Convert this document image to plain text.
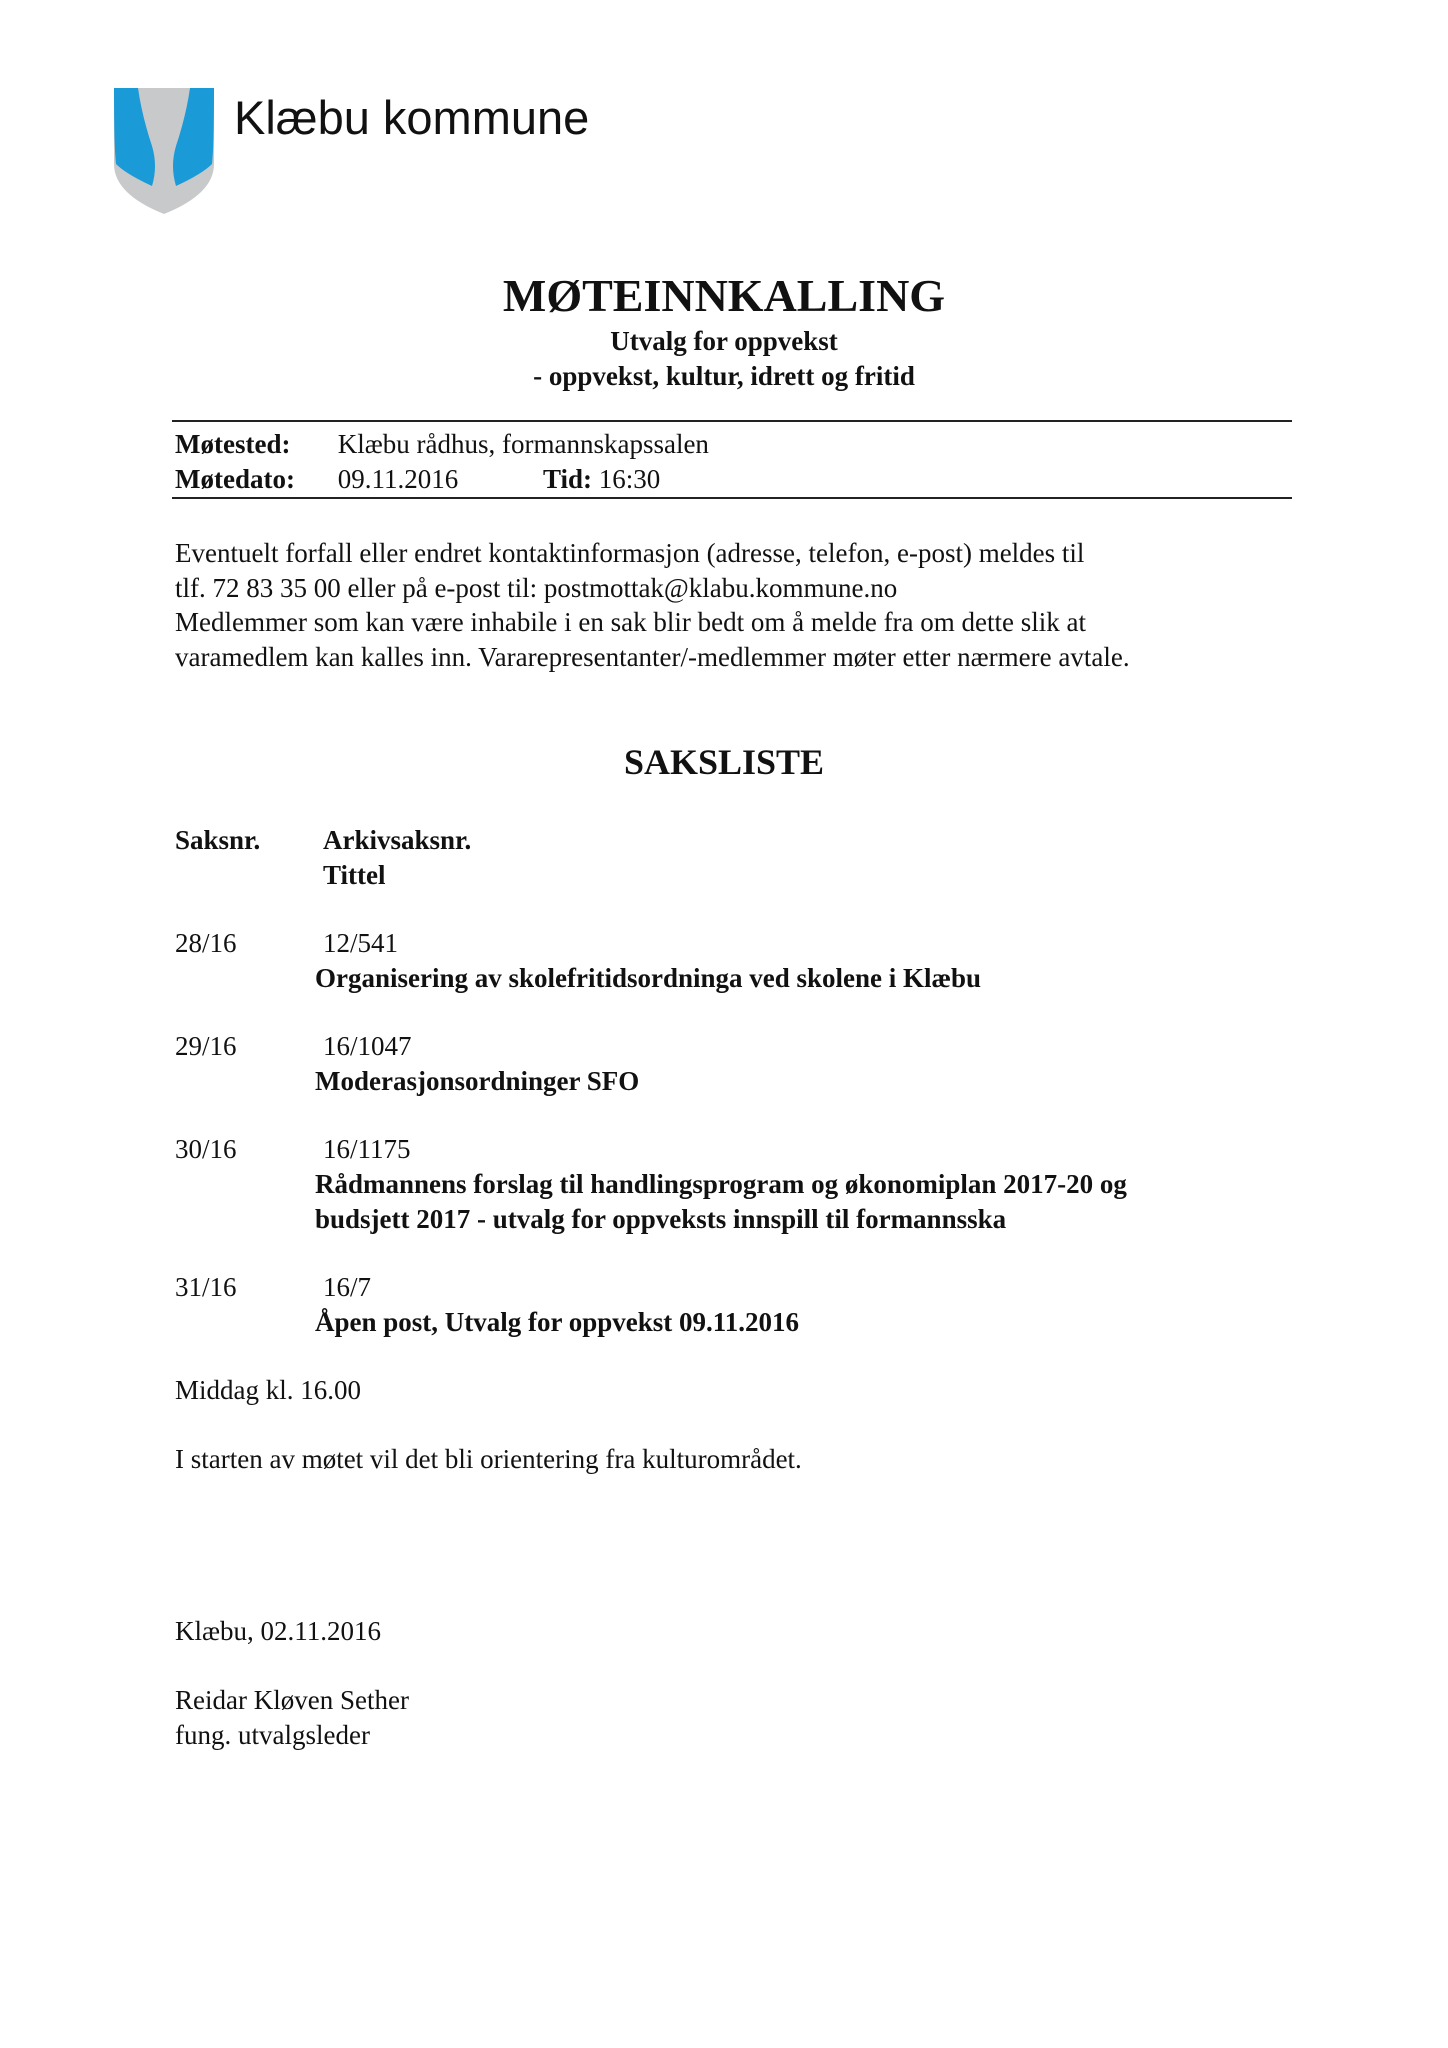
Klæbu kommune
MØTEINNKALLING
Utvalg for oppvekst
- oppvekst, kultur, idrett og fritid
Møtested: Klæbu rådhus, formannskapssalen
Møtedato: 09.11.2016	Tid: 16:30
Eventuelt forfall eller endret kontaktinformasjon (adresse, telefon, e-post) meldes til
tlf. 72 83 35 00 eller på e-post til: postmottak@klabu.kommune.no
Medlemmer som kan være inhabile i en sak blir bedt om å melde fra om dette slik at
varamedlem kan kalles inn. Vararepresentanter/-medlemmer møter etter nærmere avtale.
SAKSLISTE
Saksnr. Arkivsaksnr.
Tittel
28/16	12/541
Organisering av skolefritidsordninga ved skolene i Klæbu
29/16	16/1047
Moderasjonsordninger SFO
30/16	16/1175
Rådmannens forslag til handlingsprogram og økonomiplan 2017-20 og
budsjett 2017 - utvalg for oppveksts innspill til formannsska
31/16	16/7
Åpen post, Utvalg for oppvekst 09.11.2016
Middag kl. 16.00
I starten av møtet vil det bli orientering fra kulturområdet.
Klæbu, 02.11.2016
Reidar Kløven Sether
fung. utvalgsleder
